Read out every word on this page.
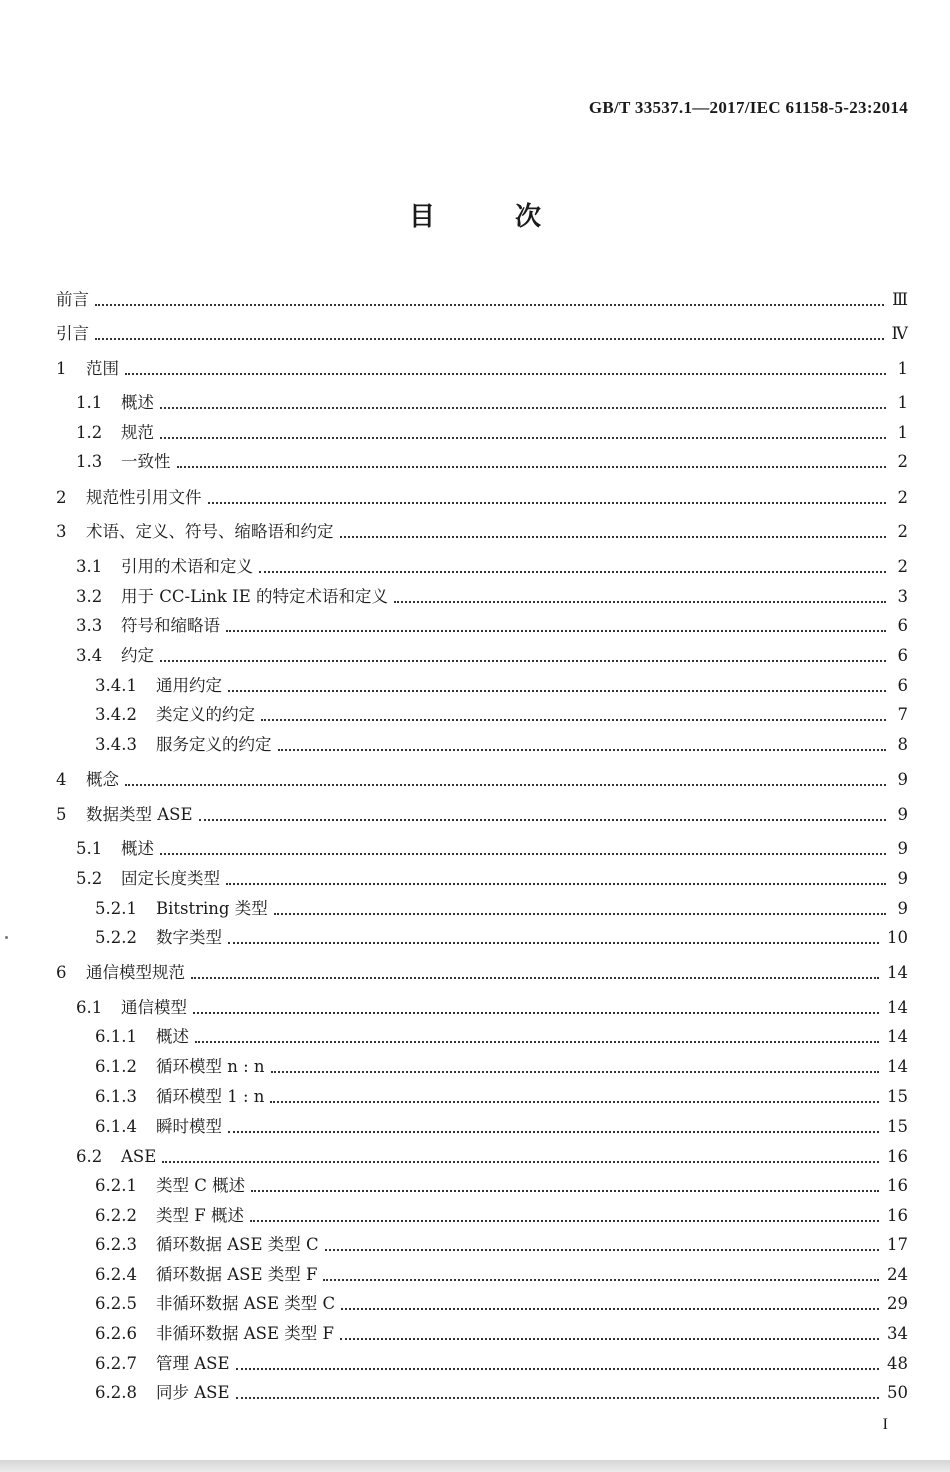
GB/T 33537.1—2017/IEC 61158-5-23:2014
目	次
前言	Ⅲ
引言	Ⅳ
1	范围	1
1.1	概述	1
1.2	规范	1
1.3	一致性	2
2	规范性引用文件	2
3	术语、定义、符号、缩略语和约定	2
3.1	引用的术语和定义	2
3.2	用于 CC-Link IE 的特定术语和定义	3
3.3	符号和缩略语	6
3.4	约定	6
3.4.1	通用约定	6
3.4.2	类定义的约定	7
3.4.3	服务定义的约定	8
4	概念	9
5	数据类型 ASE	9
5.1	概述	9
5.2	固定长度类型	9
5.2.1	Bitstring 类型	9
5.2.2	数字类型	10
6	通信模型规范	14
6.1	通信模型	14
6.1.1	概述	14
6.1.2	循环模型 n : n	14
6.1.3	循环模型 1 : n	15
6.1.4	瞬时模型	15
6.2	ASE	16
6.2.1	类型 C 概述	16
6.2.2	类型 F 概述	16
6.2.3	循环数据 ASE 类型 C	17
6.2.4	循环数据 ASE 类型 F	24
6.2.5	非循环数据 ASE 类型 C	29
6.2.6	非循环数据 ASE 类型 F	34
6.2.7	管理 ASE	48
6.2.8	同步 ASE	50
I
